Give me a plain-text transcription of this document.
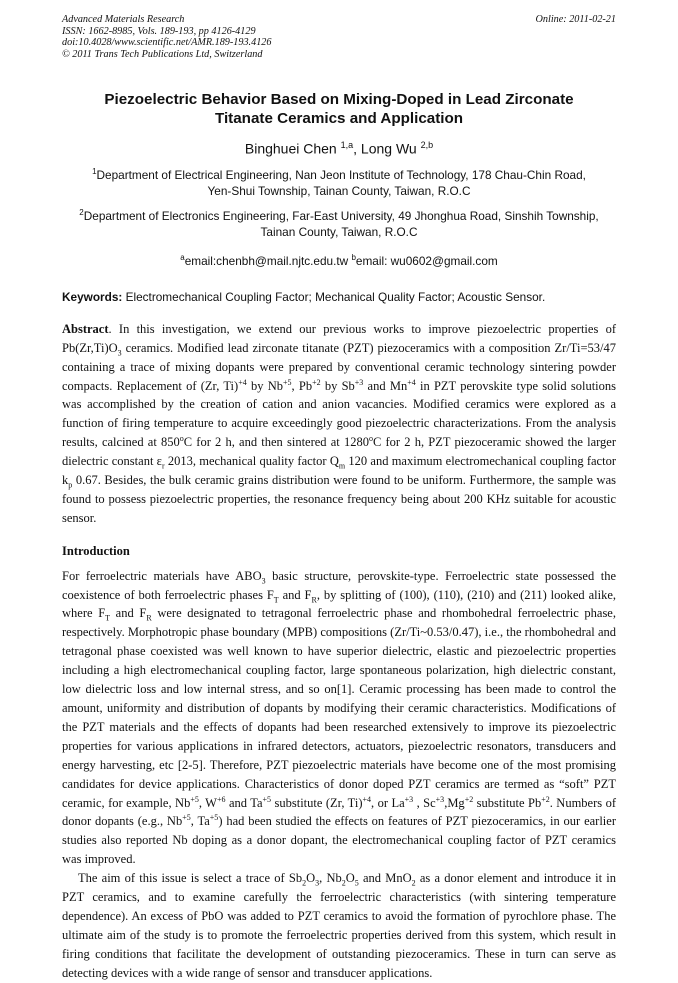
Advanced Materials Research
ISSN: 1662-8985, Vols. 189-193, pp 4126-4129
doi:10.4028/www.scientific.net/AMR.189-193.4126
© 2011 Trans Tech Publications Ltd, Switzerland
Online: 2011-02-21
Piezoelectric Behavior Based on Mixing-Doped in Lead Zirconate
Titanate Ceramics and Application
Binghuei Chen $^{1,a}$, Long Wu $^{2,b}$
$^1$Department of Electrical Engineering, Nan Jeon Institute of Technology, 178 Chau-Chin Road,
Yen-Shui Township, Tainan County, Taiwan, R.O.C
$^2$Department of Electronics Engineering, Far-East University, 49 Jhonghua Road, Sinshih Township,
Tainan County, Taiwan, R.O.C
$^a$email:chenbh@mail.njtc.edu.tw $^b$email: wu0602@gmail.com
Keywords: Electromechanical Coupling Factor; Mechanical Quality Factor; Acoustic Sensor.
Abstract. In this investigation, we extend our previous works to improve piezoelectric properties of $Pb(Zr,Ti)O_3$ ceramics. Modified lead zirconate titanate (PZT) piezoceramics with a composition Zr/Ti=53/47 containing a trace of mixing dopants were prepared by conventional ceramic technology sintering powder compacts. Replacement of (Zr, Ti)$^{+4}$ by $Nb^{+5}$, $Pb^{+2}$ by $Sb^{+3}$ and $Mn^{+4}$ in PZT perovskite type solid solutions was accomplished by the creation of cation and anion vacancies. Modified ceramics were explored as a function of firing temperature to acquire exceedingly good piezoelectric characterizations. From the analysis results, calcined at 850$^o$C for 2 h, and then sintered at 1280$^o$C for 2 h, PZT piezoceramic showed the larger dielectric constant $\varepsilon_r$ 2013, mechanical quality factor $Q_m$ 120 and maximum electromechanical coupling factor $k_p$ 0.67. Besides, the bulk ceramic grains distribution were found to be uniform. Furthermore, the sample was found to possess piezoelectric properties, the resonance frequency being about 200 KHz suitable for acoustic sensor.
Introduction

For ferroelectric materials have $ABO_3$ basic structure, perovskite-type. Ferroelectric state possessed the coexistence of both ferroelectric phases $F_T$ and $F_R$, by splitting of (100), (110), (210) and (211) looked alike, where $F_T$ and $F_R$ were designated to tetragonal ferroelectric phase and rhombohedral ferroelectric phase, respectively. Morphotropic phase boundary (MPB) compositions (Zr/Ti~0.53/0.47), i.e., the rhombohedral and tetragonal phase coexisted was well known to have superior dielectric, elastic and piezoelectric properties including a high electromechanical coupling factor, large spontaneous polarization, high dielectric constant, low dielectric loss and low internal stress, and so on[1]. Ceramic processing has been made to control the amount, uniformity and distribution of dopants by modifying their ceramic characteristics. Modifications of the PZT materials and the effects of dopants had been researched extensively to improve its piezoelectric properties for various applications in infrared detectors, actuators, piezoelectric resonators, transducers and energy harvesting, etc [2-5]. Therefore, PZT piezoelectric materials have become one of the most promising candidates for device applications. Characteristics of donor doped PZT ceramics are termed as “soft” PZT ceramic, for example, $Nb^{+5}$, $W^{+6}$ and $Ta^{+5}$ substitute (Zr, Ti)$^{+4}$, or $La^{+3}$ , $Sc^{+3},Mg^{+2}$ substitute $Pb^{+2}$. Numbers of donor dopants (e.g., $Nb^{+5}$, $Ta^{+5}$) had been studied the effects on features of PZT piezoceramics, in our earlier studies also reported Nb doping as a donor dopant, the electromechanical coupling factor of PZT ceramics was improved.

The aim of this issue is select a trace of $Sb_2O_3$, $Nb_2O_5$ and MnO$_2$ as a donor element and introduce it in PZT ceramics, and to examine carefully the ferroelectric characteristics (with sintering temperature dependence). An excess of PbO was added to PZT ceramics to avoid the formation of pyrochlore phase. The ultimate aim of the study is to promote the ferroelectric properties derived from this system, which result in firing conditions that facilitate the development of outstanding piezoceramics. These in turn can serve as detecting devices with a wide range of sensor and transducer applications.
